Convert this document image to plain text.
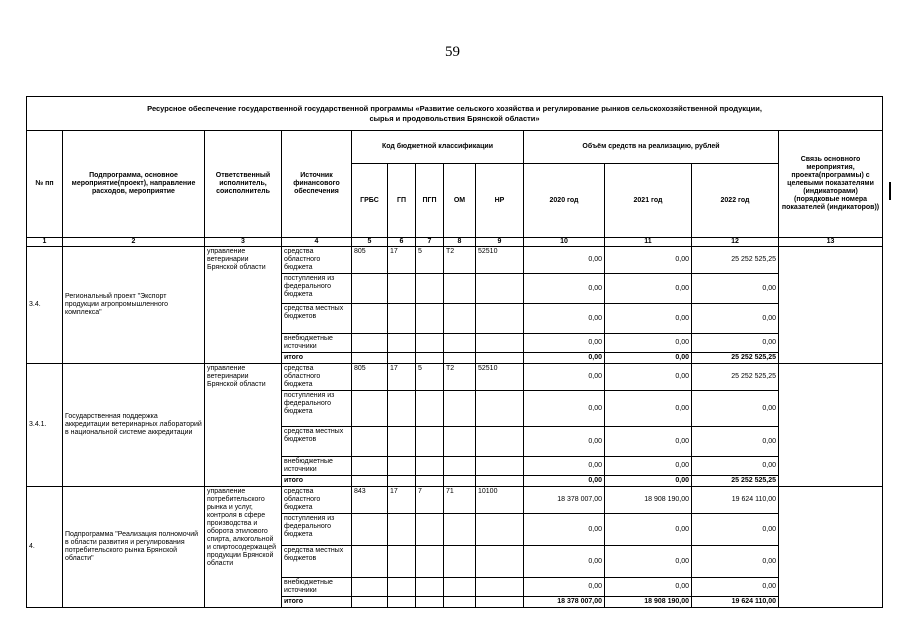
59
Ресурсное обеспечение государственной государственной программы «Развитие сельского хозяйства и регулирование рынков сельскохозяйственной продукции,
сырья и продовольствия Брянской области»												
№ пп	Подпрограмма, основное мероприятие(проект), направление расходов, мероприятие	Ответственный исполнитель, соисполнитель	Источник финансового обеспечения	Код бюджетной классификации					Объём средств на реализацию, рублей			Связь основного мероприятия, проекта(программы) с целевыми показателями (индикаторами) (порядковые номера показателей (индикаторов))
				ГРБС	ГП	ПГП	ОМ	НР	2020 год	2021 год	2022 год	
1	2	3	4	5	6	7	8	9	10	11	12	13
3.4.	Региональный проект "Экспорт продукции агропромышленного комплекса"	управление ветеринарии Брянской области	средства областного бюджета	805	17	5	Т2	52510	0,00	0,00	25 252 525,25	
			поступления из федерального бюджета						0,00	0,00	0,00	
			средства местных бюджетов						0,00	0,00	0,00	
			внебюджетные источники						0,00	0,00	0,00	
			итого						0,00	0,00	25 252 525,25	
3.4.1.	Государственная поддержка аккредитации ветеринарных лабораторий в национальной системе аккредитации	управление ветеринарии Брянской области	средства областного бюджета	805	17	5	Т2	52510	0,00	0,00	25 252 525,25	
			поступления из федерального бюджета						0,00	0,00	0,00	
			средства местных бюджетов						0,00	0,00	0,00	
			внебюджетные источники						0,00	0,00	0,00	
			итого						0,00	0,00	25 252 525,25	
4.	Подпрограмма "Реализация полномочий в области развития и регулирования потребительского рынка Брянской области"	управление потребительского рынка и услуг, контроля в сфере производства и оборота этилового спирта, алкогольной и спиртосодержащей продукции Брянской области	средства областного бюджета	843	17	7	71	10100	18 378 007,00	18 908 190,00	19 624 110,00	
			поступления из федерального бюджета						0,00	0,00	0,00	
			средства местных бюджетов						0,00	0,00	0,00	
			внебюджетные источники						0,00	0,00	0,00	
			итого						18 378 007,00	18 908 190,00	19 624 110,00	
